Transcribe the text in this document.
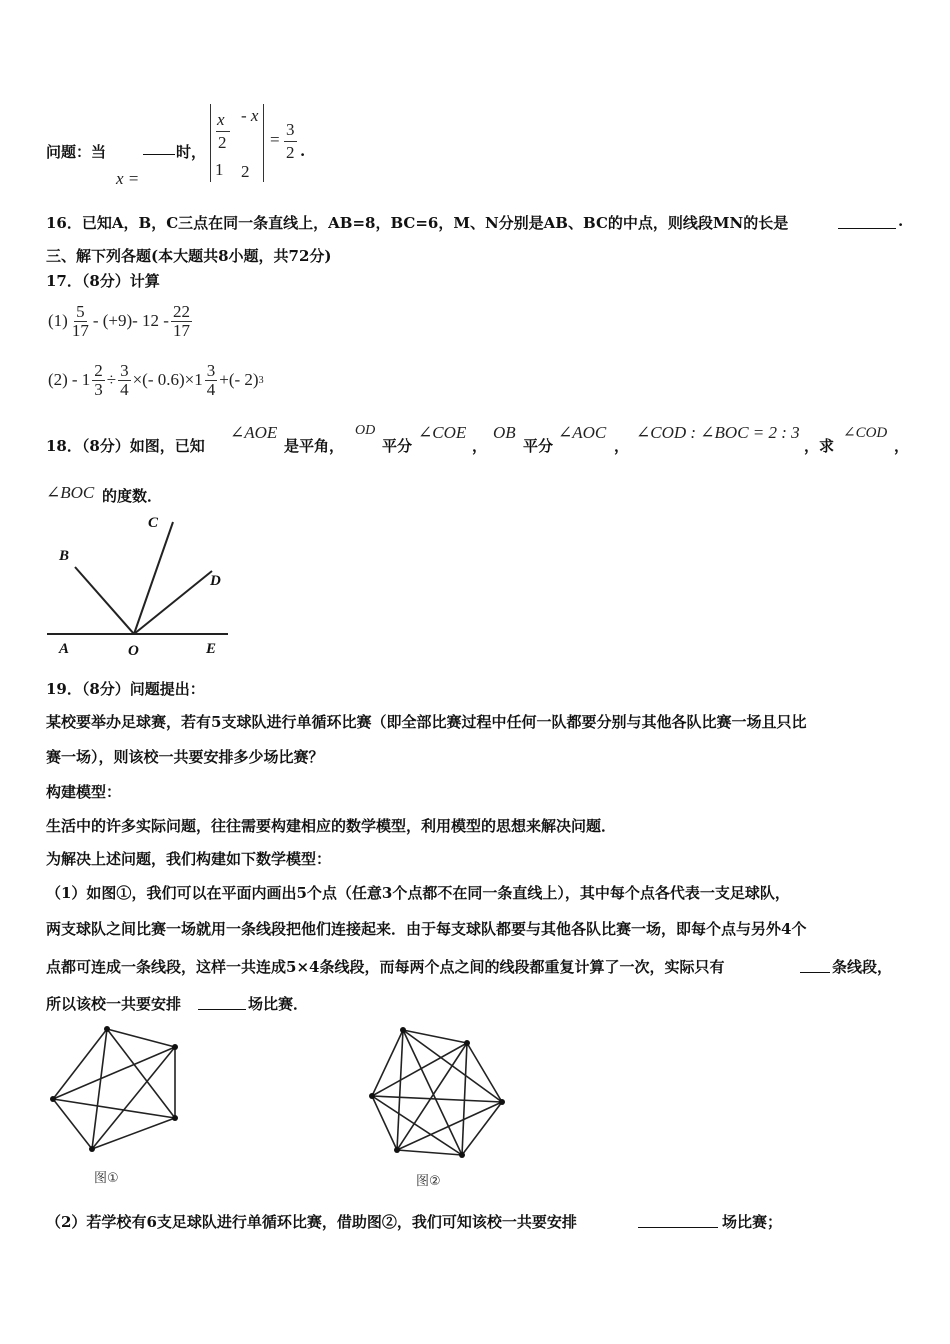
问题：当	时，
x =
x
2
- x
1 2
=
3
2 .
16．已知A，B，C三点在同一条直线上，AB=8，BC=6，M、N分别是AB、BC的中点，则线段MN的长是	.
三、解下列各题(本大题共8小题，共72分)
17．（8分）计算
$(1) \frac{5}{17} - (+9)-$ $12 - \frac{22}{17}$
$(2) - 1 \frac{2}{3} \div \frac{3}{4}$ ×(- $0.6)\times 1 \frac{3}{4}$ +(- 2) 3
18．（8分）如图，已知
∠AOE
是平角，
OD
平分
∠COE
，
OB
平分
∠AOC
，
∠COD : ∠BOC = 2 : 3
，求
∠COD
，
∠BOC 的度数．
A
B
C
D
E
O
19．（8分）问题提出：
某校要举办足球赛，若有5支球队进行单循环比赛（即全部比赛过程中任何一队都要分别与其他各队比赛一场且只比
赛一场），则该校一共要安排多少场比赛？
构建模型：
生活中的许多实际问题，往往需要构建相应的数学模型，利用模型的思想来解决问题．
为解决上述问题，我们构建如下数学模型：
（1）如图①，我们可以在平面内画出5个点（任意3个点都不在同一条直线上），其中每个点各代表一支足球队，
两支球队之间比赛一场就用一条线段把他们连接起来．由于每支球队都要与其他各队比赛一场，即每个点与另外4个
点都可连成一条线段，这样一共连成5×4条线段，而每两个点之间的线段都重复计算了一次，实际只有	条线段，
所以该校一共要安排	场比赛．
图①	图②
（2）若学校有6支足球队进行单循环比赛，借助图②，我们可知该校一共要安排	场比赛；
